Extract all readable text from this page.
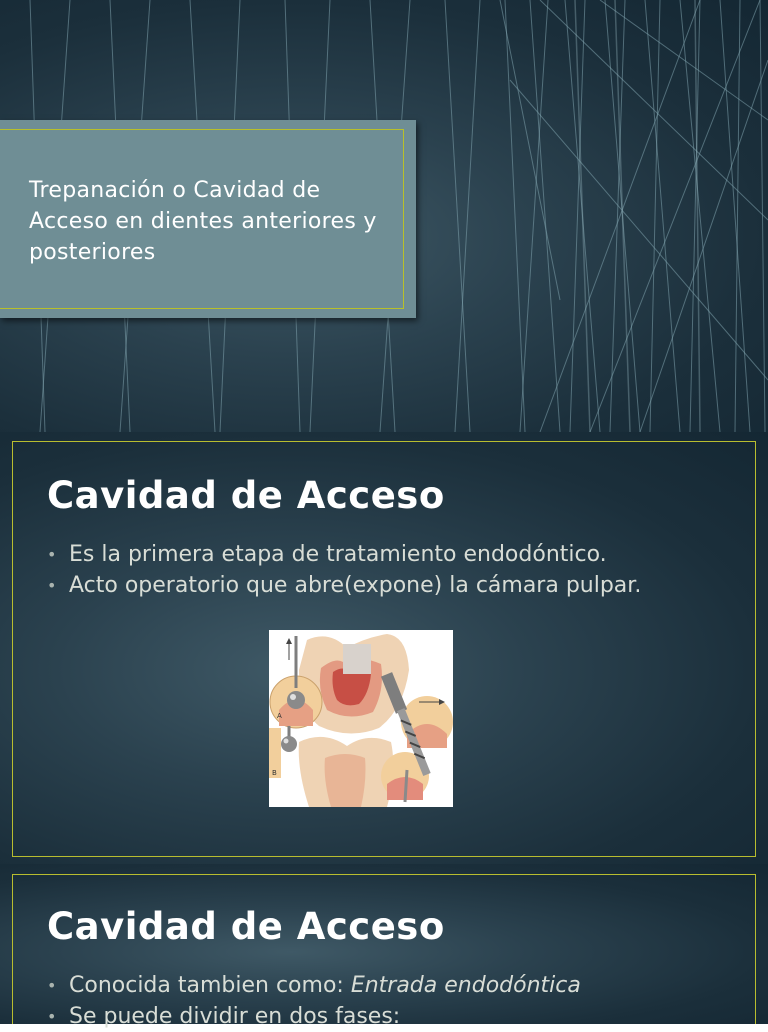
Trepanación o Cavidad de Acceso en dientes anteriores y posteriores
Cavidad de Acceso
• Es la primera etapa de tratamiento endodóntico.
• Acto operatorio que abre(expone) la cámara pulpar.
A
B
Cavidad de Acceso
• Conocida tambien como: Entrada endodóntica
• Se puede dividir en dos fases:
